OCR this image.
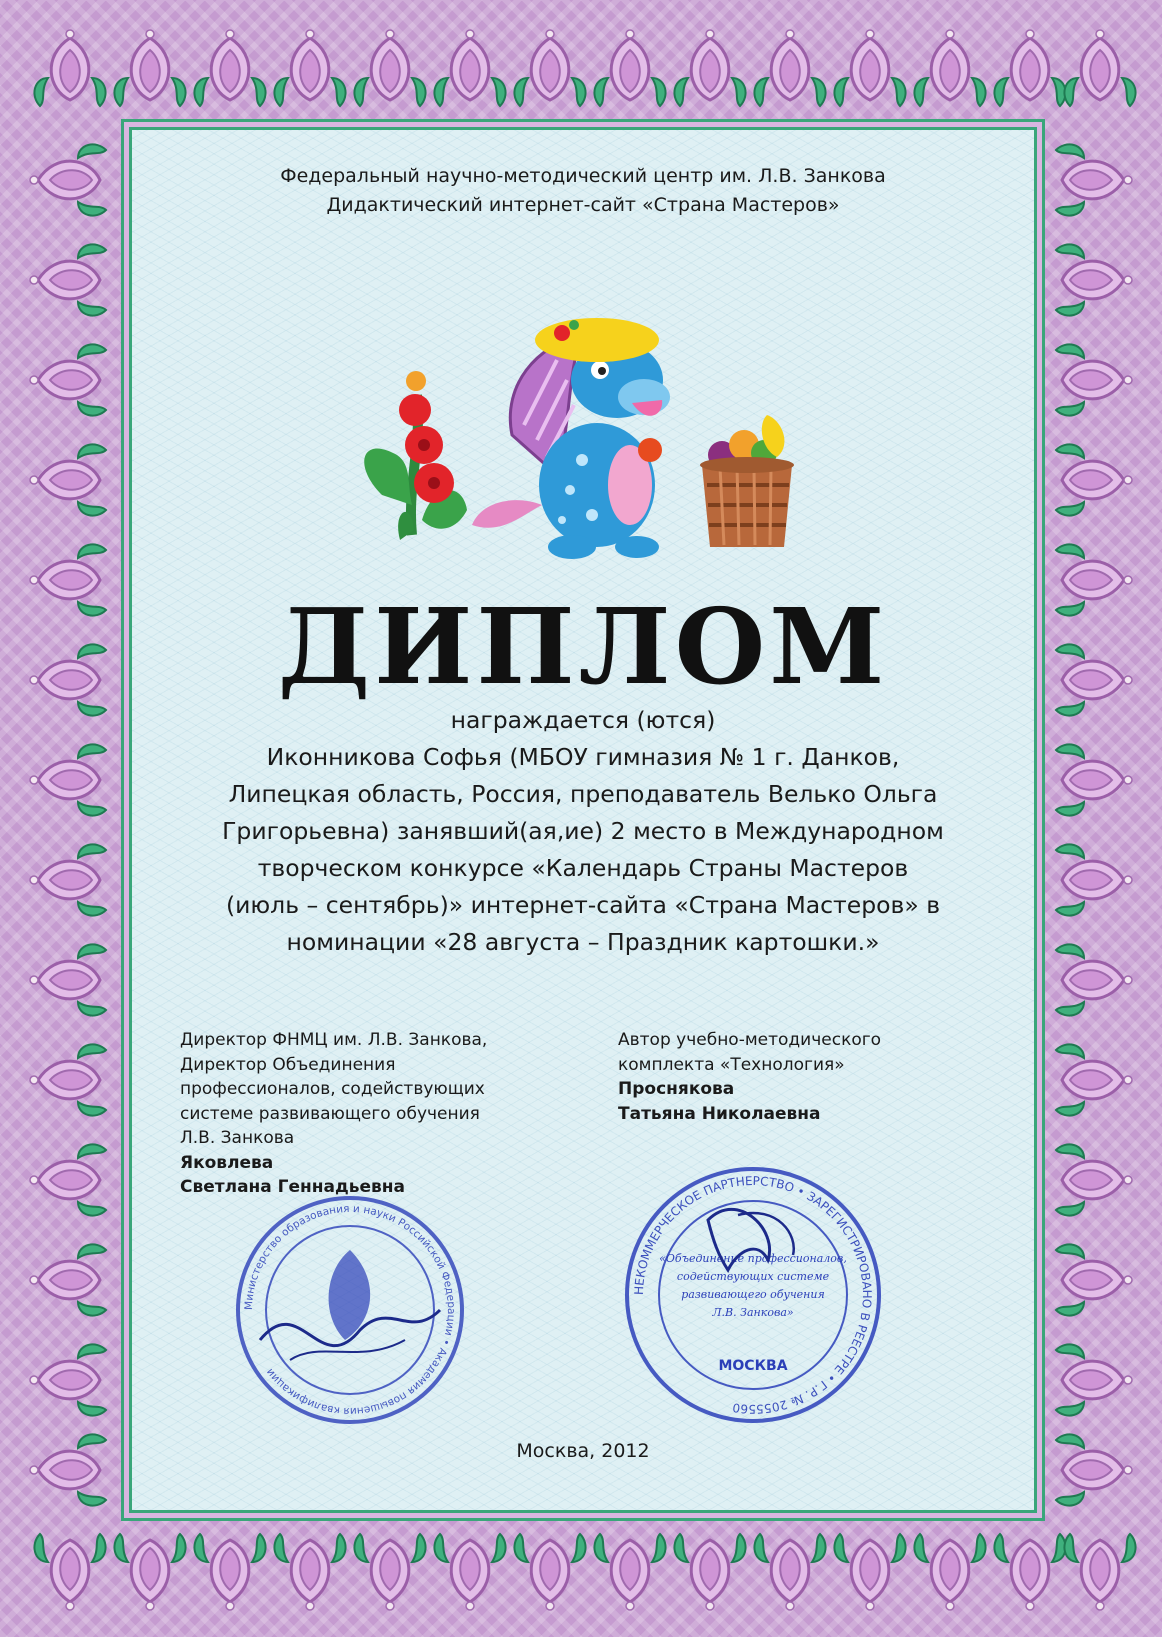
Федеральный научно-методический центр им. Л.В. Занкова
Дидактический интернет-сайт «Страна Мастеров»
ДИПЛОМ
награждается (ются)
Иконникова Софья (МБОУ гимназия № 1 г. Данков,
Липецкая область, Россия, преподаватель Велько Ольга
Григорьевна) занявший(ая,ие) 2 место в Международном
творческом конкурсе «Календарь Страны Мастеров
(июль – сентябрь)» интернет-сайта «Страна Мастеров» в
номинации «28 августа – Праздник картошки.»
Министерство образования и науки Российской Федерации • Академия повышения квалификации
НЕКОММЕРЧЕСКОЕ ПАРТНЕРСТВО • ЗАРЕГИСТРИРОВАНО В РЕЕСТРЕ • Г.Р. № 2055560
«Объединение профессионалов,
содействующих системе
развивающего обучения
Л.В. Занкова»
МОСКВА
Директор ФНМЦ им. Л.В. Занкова,
Директор Объединения
профессионалов, содействующих
системе развивающего обучения
Л.В. Занкова
Яковлева
Светлана Геннадьевна
Автор учебно-методического
комплекта «Технология»
Проснякова
Татьяна Николаевна
Москва, 2012
